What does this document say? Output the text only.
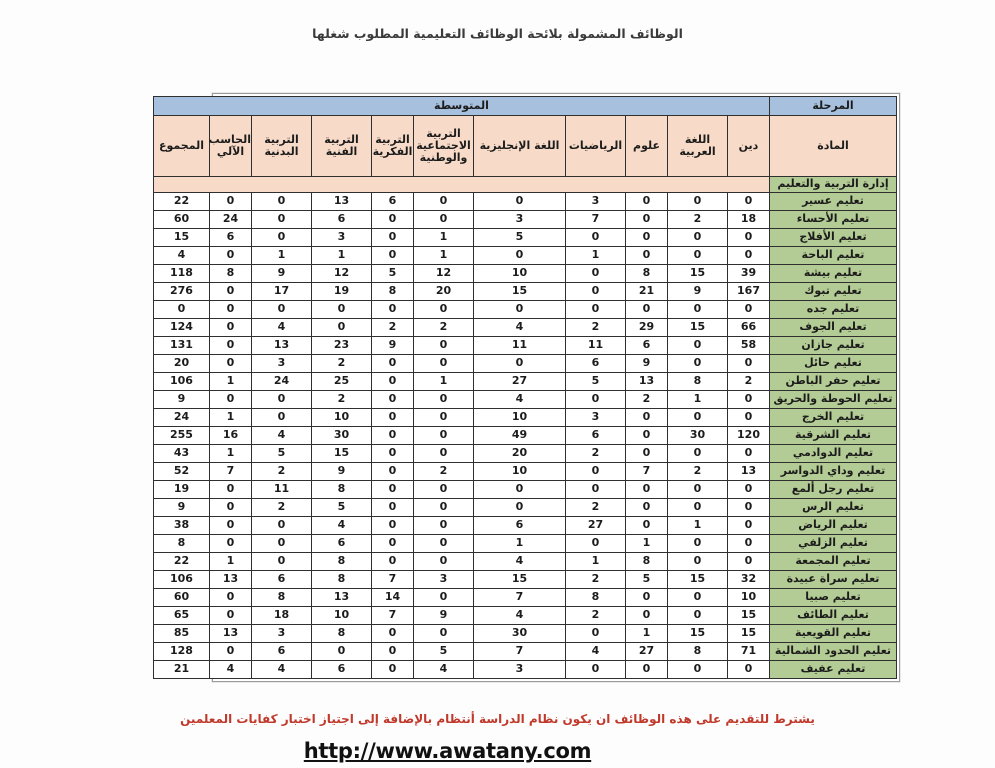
الوظائف المشمولة بلائحة الوظائف التعليمية المطلوب شغلها
المرحلة	المتوسطة										
المادة	دين	اللغة العربية	علوم	الرياضيات	اللغة الإنجليزية	التربية الاجتماعية والوطنية	التربية الفكرية	التربية الفنية	التربية البدنية	الحاسب الآلي	المجموع
إدارة التربية والتعليم											
تعليم عسير	0	0	0	3	0	0	6	13	0	0	22
تعليم الأحساء	18	2	0	7	3	0	0	6	0	24	60
تعليم الأفلاج	0	0	0	0	5	1	0	3	0	6	15
تعليم الباحة	0	0	0	1	0	1	0	1	1	0	4
تعليم بيشة	39	15	8	0	10	12	5	12	9	8	118
تعليم تبوك	167	9	21	0	15	20	8	19	17	0	276
تعليم جده	0	0	0	0	0	0	0	0	0	0	0
تعليم الجوف	66	15	29	2	4	2	2	0	4	0	124
تعليم جازان	58	0	6	11	11	0	9	23	13	0	131
تعليم حائل	0	0	9	6	0	0	0	2	3	0	20
تعليم حفر الباطن	2	8	13	5	27	1	0	25	24	1	106
تعليم الحوطة والحريق	0	1	2	0	4	0	0	2	0	0	9
تعليم الخرج	0	0	0	3	10	0	0	10	0	1	24
تعليم الشرقية	120	30	0	6	49	0	0	30	4	16	255
تعليم الدوادمي	0	0	0	2	20	0	0	15	5	1	43
تعليم وداي الدواسر	13	2	7	0	10	2	0	9	2	7	52
تعليم رجل ألمع	0	0	0	0	0	0	0	8	11	0	19
تعليم الرس	0	0	0	2	0	0	0	5	2	0	9
تعليم الرياض	0	1	0	27	6	0	0	4	0	0	38
تعليم الزلفي	0	0	1	0	1	0	0	6	0	0	8
تعليم المجمعة	0	0	8	1	4	0	0	8	0	1	22
تعليم سراة عبيدة	32	15	5	2	15	3	7	8	6	13	106
تعليم صبيا	10	0	0	8	7	0	14	13	8	0	60
تعليم الطائف	15	0	0	2	4	9	7	10	18	0	65
تعليم القويعية	15	15	1	0	30	0	0	8	3	13	85
تعليم الحدود الشمالية	71	8	27	4	7	5	0	0	6	0	128
تعليم عفيف	0	0	0	0	3	4	0	6	4	4	21
يشترط للتقديم على هذه الوظائف ان يكون نظام الدراسة أنتظام بالإضافة إلى اجتياز اختبار كفايات المعلمين
http://www.awatany.com
